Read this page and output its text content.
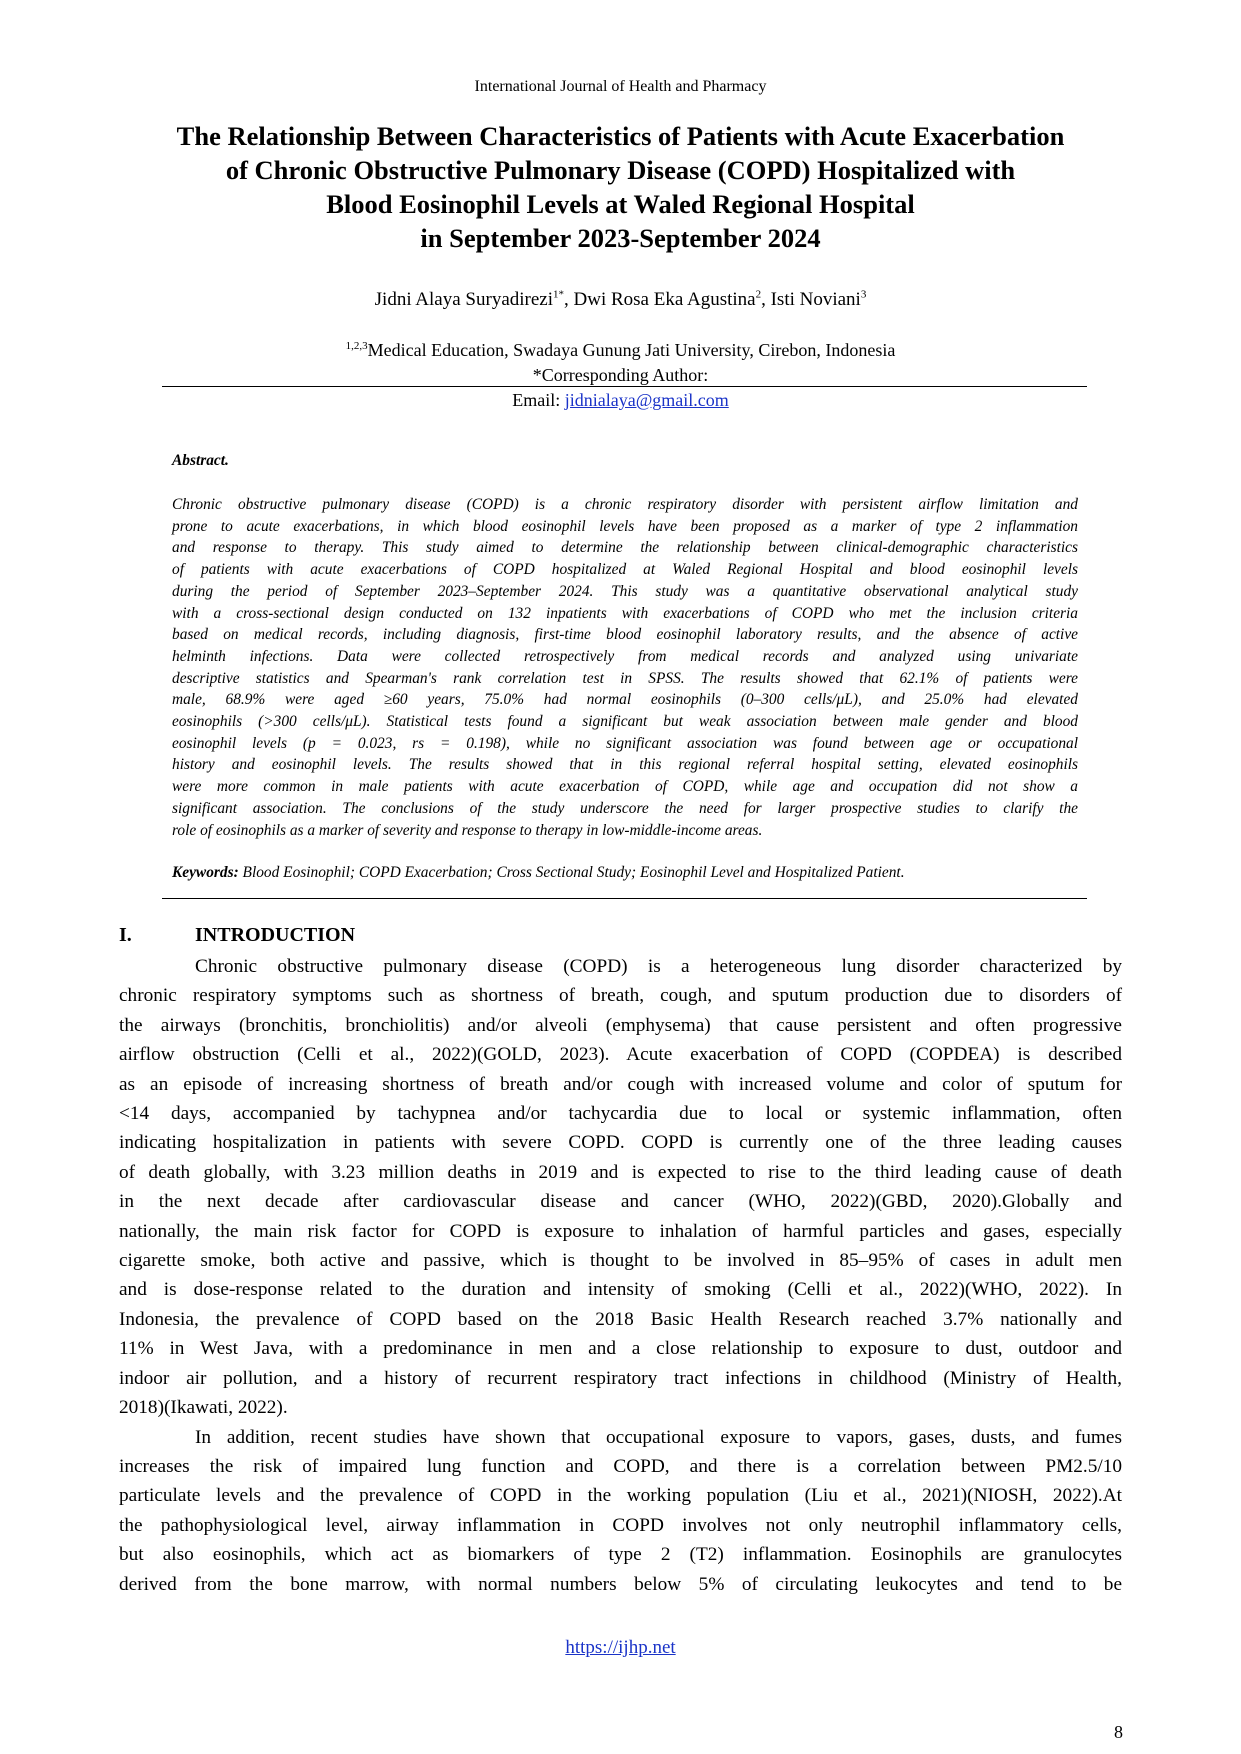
International Journal of Health and Pharmacy
The Relationship Between Characteristics of Patients with Acute Exacerbation
of Chronic Obstructive Pulmonary Disease (COPD) Hospitalized with
Blood Eosinophil Levels at Waled Regional Hospital
in September 2023-September 2024
Jidni Alaya Suryadirezi$^{1*}$, Dwi Rosa Eka Agustina$^2$, Isti Noviani$^3$
$^{1,2,3}$Medical Education, Swadaya Gunung Jati University, Cirebon, Indonesia
*Corresponding Author:
Email: jidnialaya@gmail.com
Abstract.
Chronic obstructive pulmonary disease (COPD) is a chronic respiratory disorder with persistent airflow limitation and
prone to acute exacerbations, in which blood eosinophil levels have been proposed as a marker of type 2 inflammation
and response to therapy. This study aimed to determine the relationship between clinical-demographic characteristics
of patients with acute exacerbations of COPD hospitalized at Waled Regional Hospital and blood eosinophil levels
during the period of September 2023–September 2024. This study was a quantitative observational analytical study
with a cross-sectional design conducted on 132 inpatients with exacerbations of COPD who met the inclusion criteria
based on medical records, including diagnosis, first-time blood eosinophil laboratory results, and the absence of active
helminth infections. Data were collected retrospectively from medical records and analyzed using univariate
descriptive statistics and Spearman's rank correlation test in SPSS. The results showed that 62.1% of patients were
male, 68.9% were aged ≥60 years, 75.0% had normal eosinophils (0–300 cells/μL), and 25.0% had elevated
eosinophils (>300 cells/μL). Statistical tests found a significant but weak association between male gender and blood
eosinophil levels (p = 0.023, rs = 0.198), while no significant association was found between age or occupational
history and eosinophil levels. The results showed that in this regional referral hospital setting, elevated eosinophils
were more common in male patients with acute exacerbation of COPD, while age and occupation did not show a
significant association. The conclusions of the study underscore the need for larger prospective studies to clarify the
role of eosinophils as a marker of severity and response to therapy in low-middle-income areas.
Keywords: Blood Eosinophil; COPD Exacerbation; Cross Sectional Study; Eosinophil Level and Hospitalized Patient.
I.	INTRODUCTION
Chronic obstructive pulmonary disease (COPD) is a heterogeneous lung disorder characterized by
chronic respiratory symptoms such as shortness of breath, cough, and sputum production due to disorders of
the airways (bronchitis, bronchiolitis) and/or alveoli (emphysema) that cause persistent and often progressive
airflow obstruction (Celli et al., 2022)(GOLD, 2023). Acute exacerbation of COPD (COPDEA) is described
as an episode of increasing shortness of breath and/or cough with increased volume and color of sputum for
<14 days, accompanied by tachypnea and/or tachycardia due to local or systemic inflammation, often
indicating hospitalization in patients with severe COPD. COPD is currently one of the three leading causes
of death globally, with 3.23 million deaths in 2019 and is expected to rise to the third leading cause of death
in the next decade after cardiovascular disease and cancer (WHO, 2022)(GBD, 2020).Globally and
nationally, the main risk factor for COPD is exposure to inhalation of harmful particles and gases, especially
cigarette smoke, both active and passive, which is thought to be involved in 85–95% of cases in adult men
and is dose-response related to the duration and intensity of smoking (Celli et al., 2022)(WHO, 2022). In
Indonesia, the prevalence of COPD based on the 2018 Basic Health Research reached 3.7% nationally and
11% in West Java, with a predominance in men and a close relationship to exposure to dust, outdoor and
indoor air pollution, and a history of recurrent respiratory tract infections in childhood (Ministry of Health,
2018)(Ikawati, 2022).
In addition, recent studies have shown that occupational exposure to vapors, gases, dusts, and fumes
increases the risk of impaired lung function and COPD, and there is a correlation between PM2.5/10
particulate levels and the prevalence of COPD in the working population (Liu et al., 2021)(NIOSH, 2022).At
the pathophysiological level, airway inflammation in COPD involves not only neutrophil inflammatory cells,
but also eosinophils, which act as biomarkers of type 2 (T2) inflammation. Eosinophils are granulocytes
derived from the bone marrow, with normal numbers below 5% of circulating leukocytes and tend to be
https://ijhp.net
8
